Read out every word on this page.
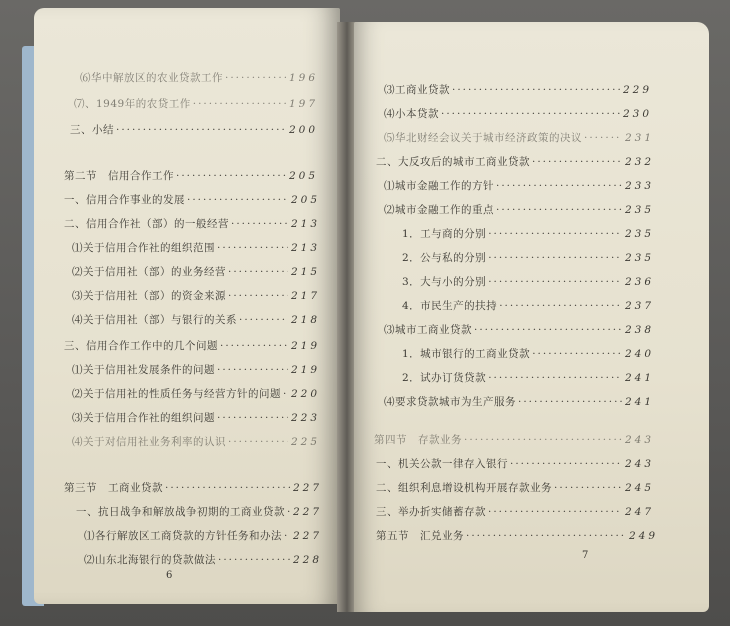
⑹华中解放区的农业贷款工作 ·····	196
⑺、1949年的农贷工作 ·····	197
三、小结 ·····	200
第二节　信用合作工作 ·····	205
一、信用合作事业的发展 ·····	205
二、信用合作社（部）的一般经营 ·····	213
⑴关于信用合作社的组织范围 ·····	213
⑵关于信用社（部）的业务经营 ·····	215
⑶关于信用社（部）的资金来源 ·····	217
⑷关于信用社（部）与银行的关系 ·····	218
三、信用合作工作中的几个问题 ·····	219
⑴关于信用社发展条件的问题 ·····	219
⑵关于信用社的性质任务与经营方针的问题 ····· 220
⑶关于信用合作社的组织问题 ·····	223
⑷关于对信用社业务利率的认识 ·····	225
第三节　工商业贷款 ·····	227
一、抗日战争和解放战争初期的工商业贷款 ····· 227
⑴各行解放区工商贷款的方针任务和办法 ····· 227
⑵山东北海银行的贷款做法 ·····	228
6
⑶工商业贷款 ·····	229
⑷小本贷款 ·····	230
⑸华北财经会议关于城市经济政策的决议 ·····	231
二、大反攻后的城市工商业贷款 ·····	232
⑴城市金融工作的方针 ·····	233
⑵城市金融工作的重点 ·····	235
1．工与商的分别 ·····	235
2．公与私的分别 ·····	235
3．大与小的分别 ·····	236
4．市民生产的扶持 ·····	237
⑶城市工商业贷款 ·····	238
1．城市银行的工商业贷款 ·····	240
2．试办订货贷款 ·····	241
⑷要求贷款城市为生产服务 ·····	241
第四节　存款业务 ·····	243
一、机关公款一律存入银行 ·····	243
二、组织利息增设机构开展存款业务 ·····	245
三、举办折实储蓄存款 ·····	247
第五节　汇兑业务 ·····	249
7
